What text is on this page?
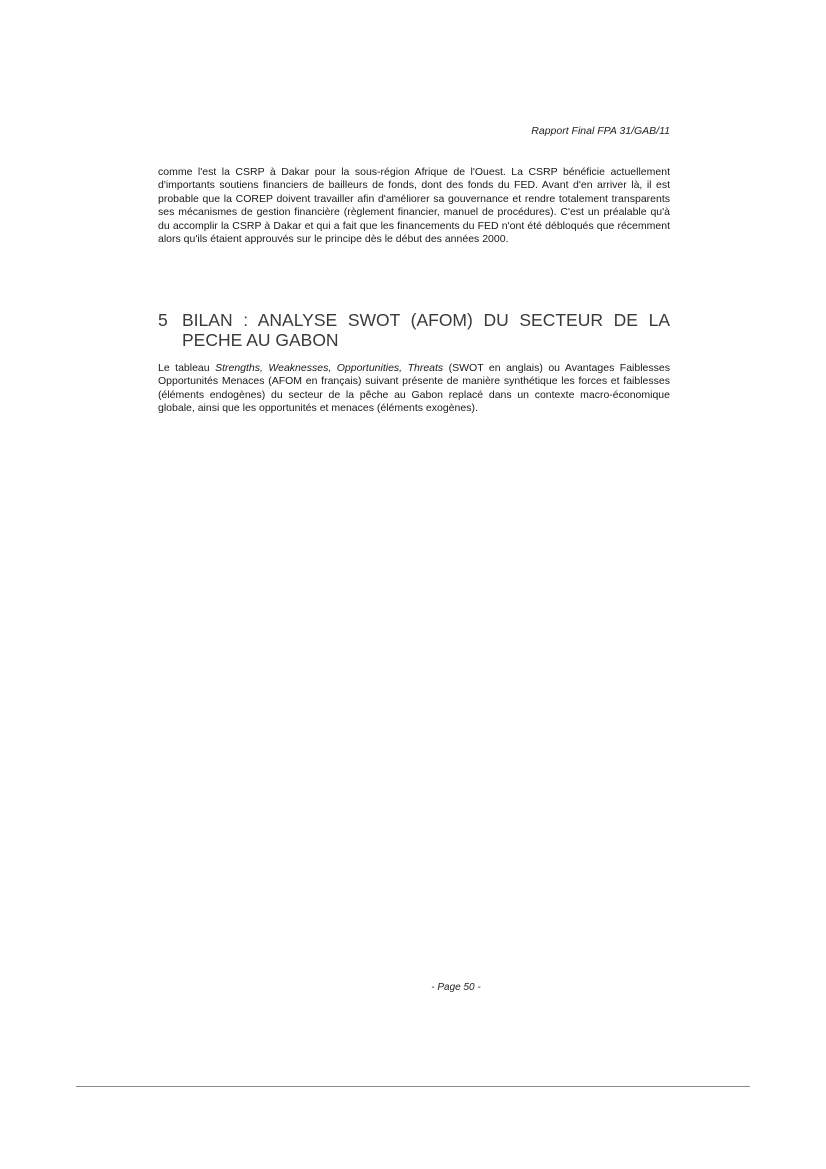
Rapport Final FPA 31/GAB/11

comme l'est la CSRP à Dakar pour la sous-région Afrique de l'Ouest. La CSRP bénéficie actuellement d'importants soutiens financiers de bailleurs de fonds, dont des fonds du FED. Avant d'en arriver là, il est probable que la COREP doivent travailler afin d'améliorer sa gouvernance et rendre totalement transparents ses mécanismes de gestion financière (règlement financier, manuel de procédures). C'est un préalable qu'à du accomplir la CSRP à Dakar et qui a fait que les financements du FED n'ont été débloqués que récemment alors qu'ils étaient approuvés sur le principe dès le début des années 2000.

5 BILAN : ANALYSE SWOT (AFOM) DU SECTEUR DE LA PECHE AU GABON

Le tableau Strengths, Weaknesses, Opportunities, Threats (SWOT en anglais) ou Avantages Faiblesses Opportunités Menaces (AFOM en français) suivant présente de manière synthétique les forces et faiblesses (éléments endogènes) du secteur de la pêche au Gabon replacé dans un contexte macro-économique globale, ainsi que les opportunités et menaces (éléments exogènes).

- Page 50 -
